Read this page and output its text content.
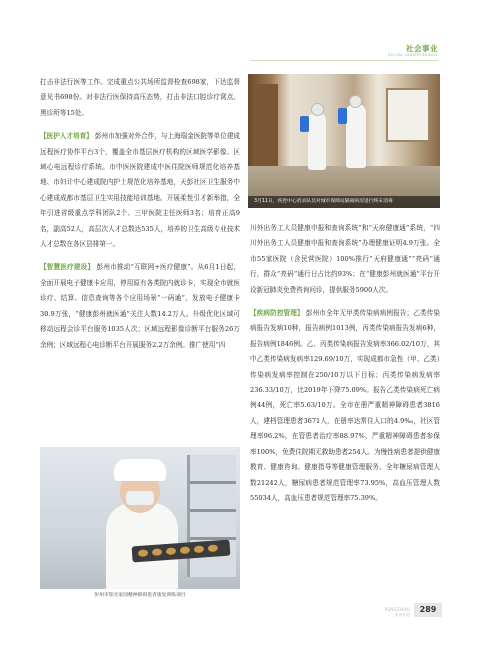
社会事业
SOCIAL UNDERTAKINGS

打击非法行医等工作。完成重点公共场所监督检查698家，下达监督意见书698份。对非法行医保持高压态势，打击非法口腔诊疗窝点、黑诊所等15处。

【医护人才培育】 彭州市加强对外合作，与上海瑞金医院等单位建成远程医疗协作平台3个，覆盖全市基层医疗机构的区域医学影像、区域心电远程诊疗系统。市中医医院建成中医住院医师规范化培养基地、市妇计中心建成院内护士规范化培养基地，天彭社区卫生服务中心建成成都市基层卫生实用技能培训基地。开展柔性引才新举措，全年引进省级重点学科团队2个、三甲医院主任医师3名；培育正高9名，副高52人，高层次人才总数达535人，培养的卫生高级专业技术人才总数在各区县排第一。

【智慧医疗建设】 彭州市推动“互联网+医疗健康”。从6月1日起，全面开展电子健康卡应用，停用原有各类院内就诊卡，实现全市就医诊疗、结算、信息查询等各个应用场景“一码通”，发放电子健康卡30.9万张，“健康彭州就医通”关注人数14.2万人。升级优化区域可移动远程会诊平台服务1035人次；区域远程影像诊断平台服务26万余例；区域远程心电诊断平台开展服务2.2万余例。推广使用“四

3月11日，疾控中心消杀队员对城市保障站隔离病房进行终末消毒

川外出务工人员健康申报和查询系统”和“天府健康通”系统，“四川外出务工人员健康申报和查询系统”办理健康证明4.9万张。全市55家医院（含民营医院）100%推行“天府健康通”“亮码”通行，群众“亮码”通行日占比约93%；在“健康彭州就医通”平台开设新冠肺炎免费咨询问诊，提供服务5900人次。

【疾病防控管理】 彭州市全年无甲类传染病病例报告；乙类传染病报告发病10种，报告病例1013例，丙类传染病报告发病6种，报告病例1846例。乙、丙类传染病报告发病率366.02/10万，其中乙类传染病发病率129.69/10万，实现成都市急性（甲、乙类）传染病发病率控制在250/10万以下目标；丙类传染病发病率236.33/10万，比2019年下降75.09%。报告乙类传染病死亡病例44例，死亡率5.63/10万。全市在册严重精神障碍患者3816人，建档管理患者3671人，在册率达常住人口的4.9‰，社区管理率96.2%，在管患者治疗率88.97%，严重精神障碍患者参保率100%，免费住院期无救助患者254人。为慢性病患者提供健康教育、健康咨询、健康指导等健康管理服务。全年糖尿病管理人数21242人，糖尿病患者规范管理率73.95%，高血压管理人数55034人，高血压患者规范管理率75.39%。

彭州市阳光家园精神障碍患者康复训练项目
PENGZHOU
彭州年鉴
289
